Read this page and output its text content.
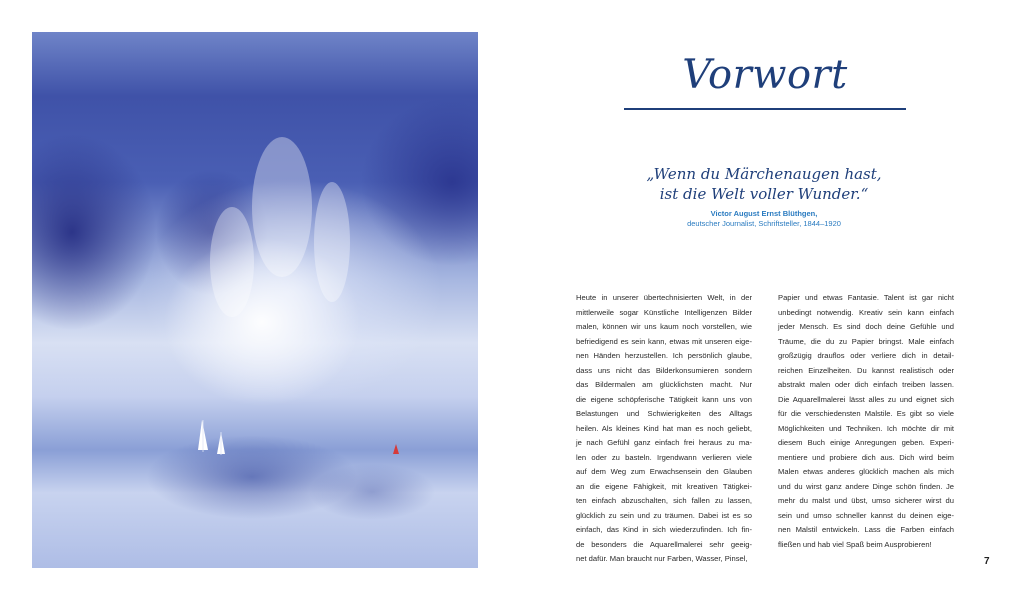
Vorwort
„Wenn du Märchenaugen hast,
ist die Welt voller Wunder.“
Victor August Ernst Blüthgen,
deutscher Journalist, Schriftsteller, 1844–1920
Heute in unserer übertechnisierten Welt, in der
mittlerweile sogar Künstliche Intelligenzen Bilder
malen, können wir uns kaum noch vorstellen, wie
befriedigend es sein kann, etwas mit unseren eige-
nen Händen herzustellen. Ich persönlich glaube,
dass uns nicht das Bilderkonsumieren sondern
das Bildermalen am glücklichsten macht. Nur
die eigene schöpferische Tätigkeit kann uns von
Belastungen und Schwierigkeiten des Alltags
heilen. Als kleines Kind hat man es noch geliebt,
je nach Gefühl ganz einfach frei heraus zu ma-
len oder zu basteln. Irgendwann verlieren viele
auf dem Weg zum Erwachsensein den Glauben
an die eigene Fähigkeit, mit kreativen Tätigkei-
ten einfach abzuschalten, sich fallen zu lassen,
glücklich zu sein und zu träumen. Dabei ist es so
einfach, das Kind in sich wiederzufinden. Ich fin-
de besonders die Aquarellmalerei sehr geeig-
net dafür. Man braucht nur Farben, Wasser, Pinsel,
Papier und etwas Fantasie. Talent ist gar nicht
unbedingt notwendig. Kreativ sein kann einfach
jeder Mensch. Es sind doch deine Gefühle und
Träume, die du zu Papier bringst. Male einfach
großzügig drauflos oder verliere dich in detail-
reichen Einzelheiten. Du kannst realistisch oder
abstrakt malen oder dich einfach treiben lassen.
Die Aquarellmalerei lässt alles zu und eignet sich
für die verschiedensten Malstile. Es gibt so viele
Möglichkeiten und Techniken. Ich möchte dir mit
diesem Buch einige Anregungen geben. Experi-
mentiere und probiere dich aus. Dich wird beim
Malen etwas anderes glücklich machen als mich
und du wirst ganz andere Dinge schön finden. Je
mehr du malst und übst, umso sicherer wirst du
sein und umso schneller kannst du deinen eige-
nen Malstil entwickeln. Lass die Farben einfach
fließen und hab viel Spaß beim Ausprobieren!
7
